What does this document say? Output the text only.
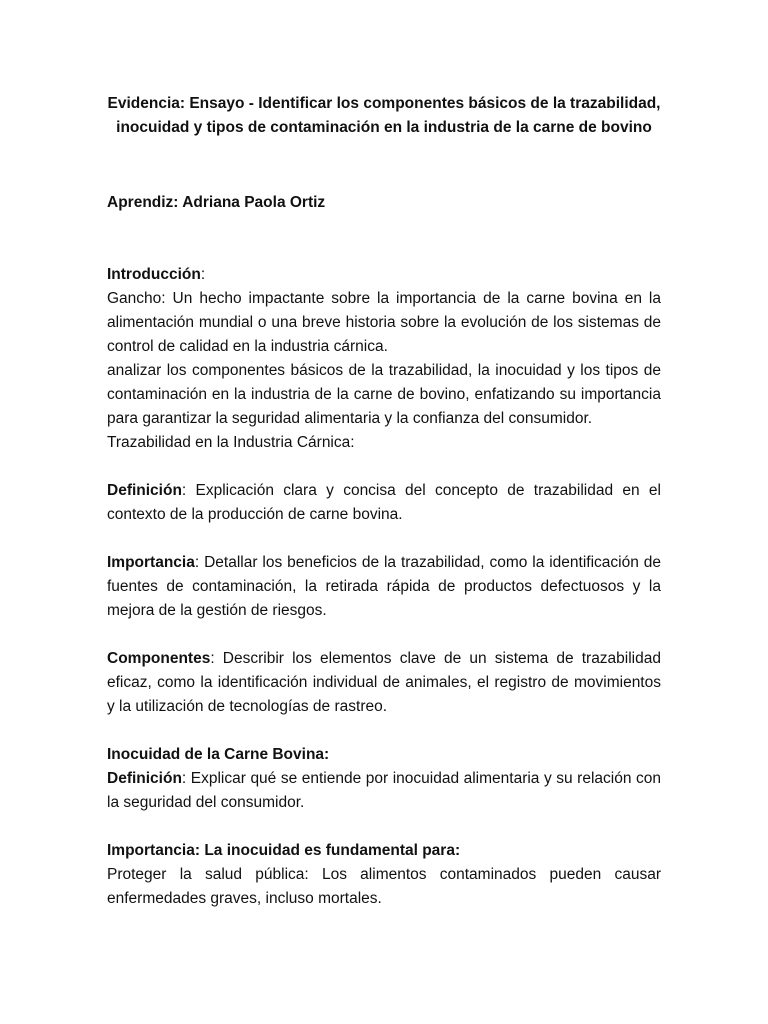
Evidencia: Ensayo - Identificar los componentes básicos de la trazabilidad,
inocuidad y tipos de contaminación en la industria de la carne de bovino

Aprendiz: Adriana Paola Ortiz

Introducción:

Gancho: Un hecho impactante sobre la importancia de la carne bovina en la alimentación mundial o una breve historia sobre la evolución de los sistemas de control de calidad en la industria cárnica.

analizar los componentes básicos de la trazabilidad, la inocuidad y los tipos de contaminación en la industria de la carne de bovino, enfatizando su importancia para garantizar la seguridad alimentaria y la confianza del consumidor.

Trazabilidad en la Industria Cárnica:

Definición: Explicación clara y concisa del concepto de trazabilidad en el contexto de la producción de carne bovina.

Importancia: Detallar los beneficios de la trazabilidad, como la identificación de fuentes de contaminación, la retirada rápida de productos defectuosos y la mejora de la gestión de riesgos.

Componentes: Describir los elementos clave de un sistema de trazabilidad eficaz, como la identificación individual de animales, el registro de movimientos y la utilización de tecnologías de rastreo.

Inocuidad de la Carne Bovina:

Definición: Explicar qué se entiende por inocuidad alimentaria y su relación con la seguridad del consumidor.

Importancia: La inocuidad es fundamental para:

Proteger la salud pública: Los alimentos contaminados pueden causar enfermedades graves, incluso mortales.
